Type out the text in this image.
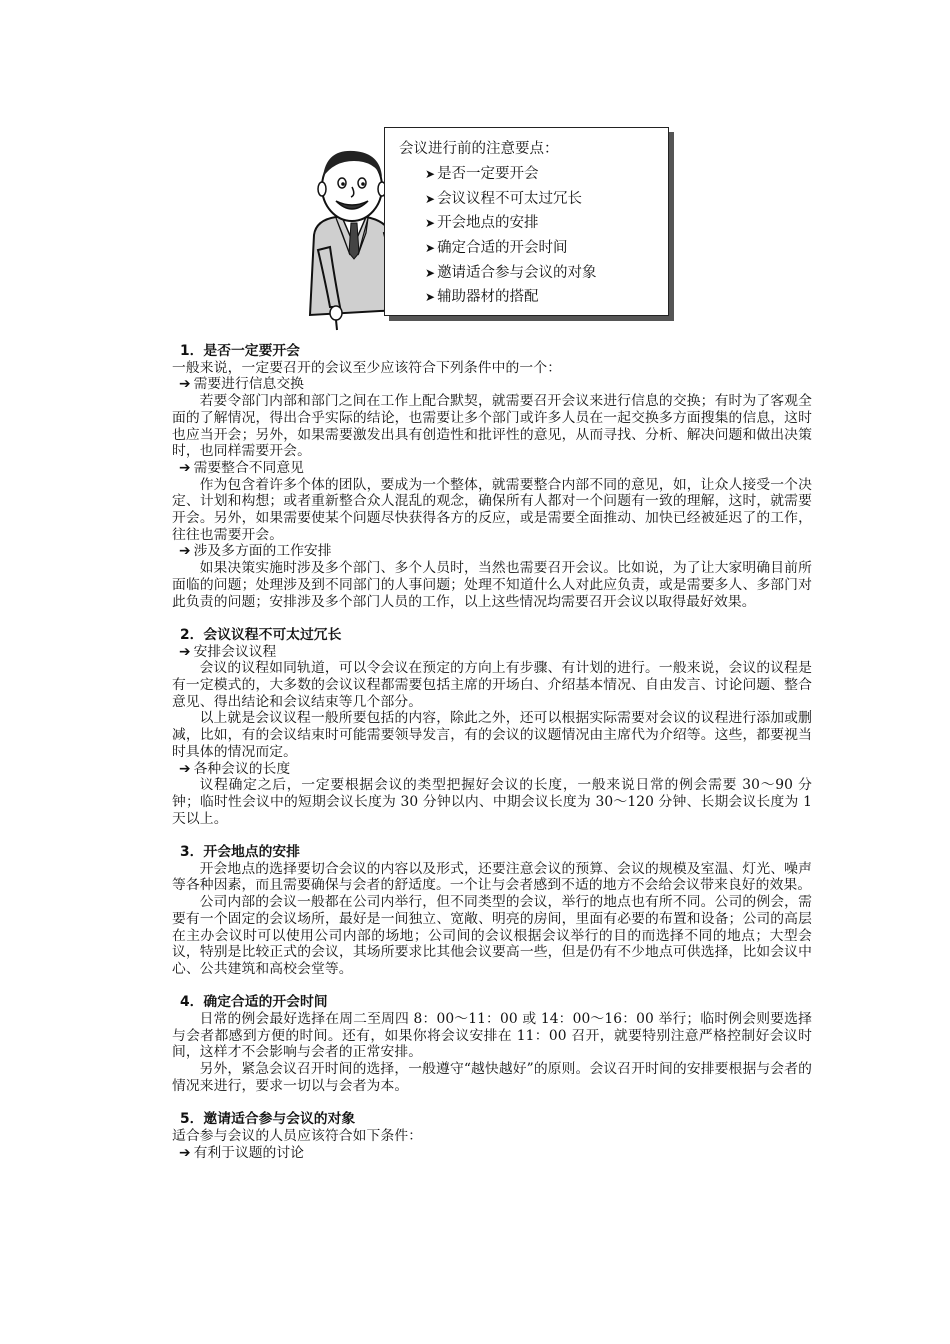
会议进行前的注意要点：
➤ 是否一定要开会
➤ 会议议程不可太过冗长
➤ 开会地点的安排
➤ 确定合适的开会时间
➤ 邀请适合参与会议的对象
➤ 辅助器材的搭配

1．是否一定要开会

一般来说，一定要召开的会议至少应该符合下列条件中的一个：

➔ 需要进行信息交换

若要令部门内部和部门之间在工作上配合默契，就需要召开会议来进行信息的交换；有时为了客观全面的了解情况，得出合乎实际的结论，也需要让多个部门或许多人员在一起交换多方面搜集的信息，这时也应当开会；另外，如果需要激发出具有创造性和批评性的意见，从而寻找、分析、解决问题和做出决策时，也同样需要开会。

➔ 需要整合不同意见

作为包含着许多个体的团队，要成为一个整体，就需要整合内部不同的意见，如，让众人接受一个决定、计划和构想；或者重新整合众人混乱的观念，确保所有人都对一个问题有一致的理解，这时，就需要开会。另外，如果需要使某个问题尽快获得各方的反应，或是需要全面推动、加快已经被延迟了的工作，往往也需要开会。

➔ 涉及多方面的工作安排

如果决策实施时涉及多个部门、多个人员时，当然也需要召开会议。比如说，为了让大家明确目前所面临的问题；处理涉及到不同部门的人事问题；处理不知道什么人对此应负责，或是需要多人、多部门对此负责的问题；安排涉及多个部门人员的工作，以上这些情况均需要召开会议以取得最好效果。

2．会议议程不可太过冗长

➔ 安排会议议程

会议的议程如同轨道，可以令会议在预定的方向上有步骤、有计划的进行。一般来说，会议的议程是有一定模式的，大多数的会议议程都需要包括主席的开场白、介绍基本情况、自由发言、讨论问题、整合意见、得出结论和会议结束等几个部分。

以上就是会议议程一般所要包括的内容，除此之外，还可以根据实际需要对会议的议程进行添加或删减，比如，有的会议结束时可能需要领导发言，有的会议的议题情况由主席代为介绍等。这些，都要视当时具体的情况而定。

➔ 各种会议的长度

议程确定之后，一定要根据会议的类型把握好会议的长度，一般来说日常的例会需要 30～90 分钟；临时性会议中的短期会议长度为 30 分钟以内、中期会议长度为 30～120 分钟、长期会议长度为 1 天以上。

3．开会地点的安排

开会地点的选择要切合会议的内容以及形式，还要注意会议的预算、会议的规模及室温、灯光、噪声等各种因素，而且需要确保与会者的舒适度。一个让与会者感到不适的地方不会给会议带来良好的效果。

公司内部的会议一般都在公司内举行，但不同类型的会议，举行的地点也有所不同。公司的例会，需要有一个固定的会议场所，最好是一间独立、宽敞、明亮的房间，里面有必要的布置和设备；公司的高层在主办会议时可以使用公司内部的场地；公司间的会议根据会议举行的目的而选择不同的地点；大型会议，特别是比较正式的会议，其场所要求比其他会议要高一些，但是仍有不少地点可供选择，比如会议中心、公共建筑和高校会堂等。

4．确定合适的开会时间

日常的例会最好选择在周二至周四 8：00～11：00 或 14：00～16：00 举行；临时例会则要选择与会者都感到方便的时间。还有，如果你将会议安排在 11：00 召开，就要特别注意严格控制好会议时间，这样才不会影响与会者的正常安排。

另外，紧急会议召开时间的选择，一般遵守“越快越好”的原则。会议召开时间的安排要根据与会者的情况来进行，要求一切以与会者为本。

5．邀请适合参与会议的对象

适合参与会议的人员应该符合如下条件：

➔ 有利于议题的讨论
